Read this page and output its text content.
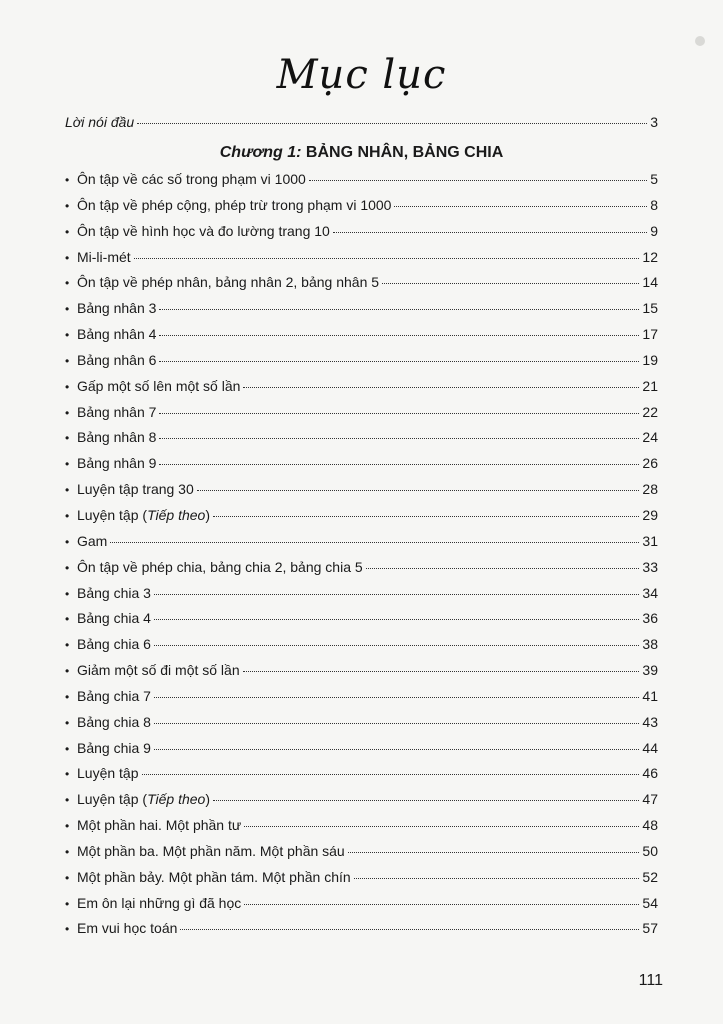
Mục lục
Lời nói đầu	3
Chương 1: BẢNG NHÂN, BẢNG CHIA
• Ôn tập về các số trong phạm vi 1000	5
• Ôn tập về phép cộng, phép trừ trong phạm vi 1000	8
• Ôn tập về hình học và đo lường trang 10	9
• Mi-li-mét	12
• Ôn tập về phép nhân, bảng nhân 2, bảng nhân 5	14
• Bảng nhân 3	15
• Bảng nhân 4	17
• Bảng nhân 6	19
• Gấp một số lên một số lần	21
• Bảng nhân 7	22
• Bảng nhân 8	24
• Bảng nhân 9	26
• Luyện tập trang 30	28
• Luyện tập (Tiếp theo)	29
• Gam	31
• Ôn tập về phép chia, bảng chia 2, bảng chia 5	33
• Bảng chia 3	34
• Bảng chia 4	36
• Bảng chia 6	38
• Giảm một số đi một số lần	39
• Bảng chia 7	41
• Bảng chia 8	43
• Bảng chia 9	44
• Luyện tập	46
• Luyện tập (Tiếp theo)	47
• Một phần hai. Một phần tư	48
• Một phần ba. Một phần năm. Một phần sáu	50
• Một phần bảy. Một phần tám. Một phần chín	52
• Em ôn lại những gì đã học	54
• Em vui học toán	57
111
